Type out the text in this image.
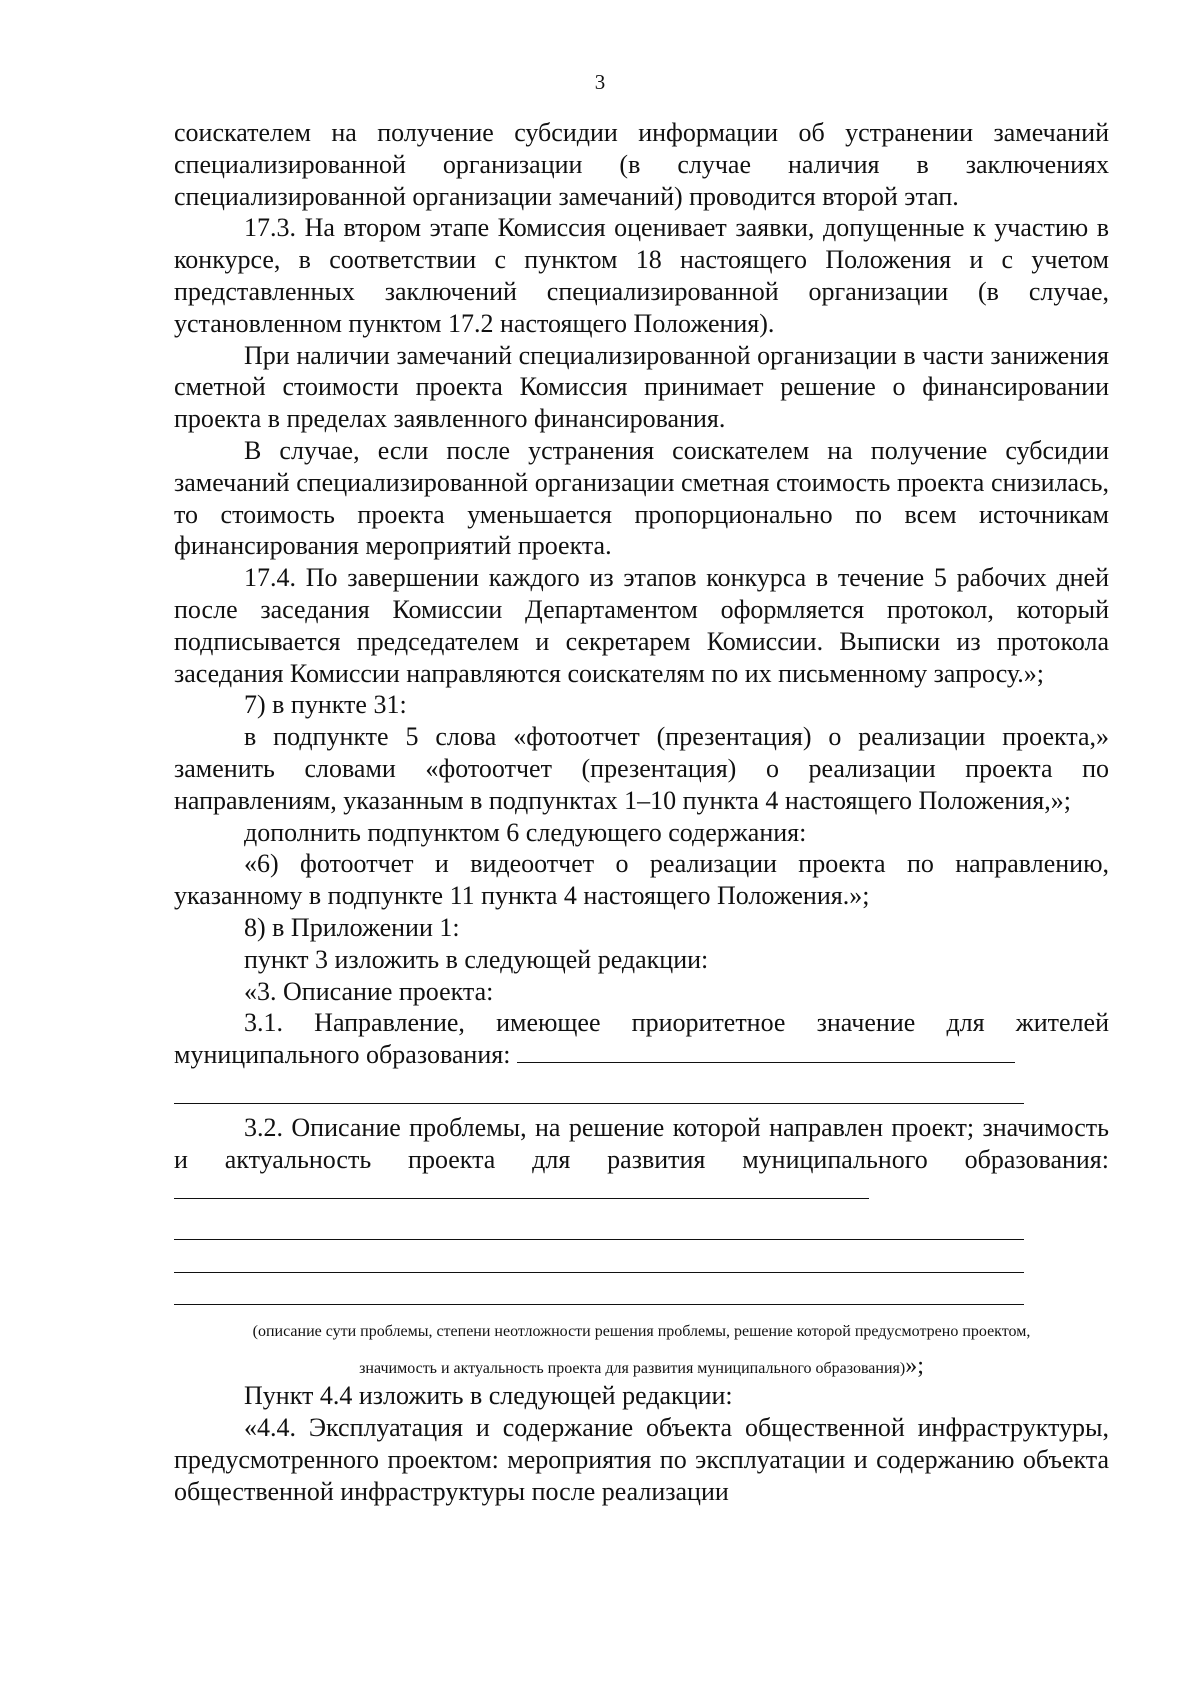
3

соискателем на получение субсидии информации об устранении замечаний специализированной организации (в случае наличия в заключениях специализированной организации замечаний) проводится второй этап.

17.3. На втором этапе Комиссия оценивает заявки, допущенные к участию в конкурсе, в соответствии с пунктом 18 настоящего Положения и с учетом представленных заключений специализированной организации (в случае, установленном пунктом 17.2 настоящего Положения).

При наличии замечаний специализированной организации в части занижения сметной стоимости проекта Комиссия принимает решение о финансировании проекта в пределах заявленного финансирования.

В случае, если после устранения соискателем на получение субсидии замечаний специализированной организации сметная стоимость проекта снизилась, то стоимость проекта уменьшается пропорционально по всем источникам финансирования мероприятий проекта.

17.4. По завершении каждого из этапов конкурса в течение 5 рабочих дней после заседания Комиссии Департаментом оформляется протокол, который подписывается председателем и секретарем Комиссии. Выписки из протокола заседания Комиссии направляются соискателям по их письменному запросу.»;

7) в пункте 31:

в подпункте 5 слова «фотоотчет (презентация) о реализации проекта,» заменить словами «фотоотчет (презентация) о реализации проекта по направлениям, указанным в подпунктах 1–10 пункта 4 настоящего Положения,»;

дополнить подпунктом 6 следующего содержания:

«6) фотоотчет и видеоотчет о реализации проекта по направлению, указанному в подпункте 11 пункта 4 настоящего Положения.»;

8) в Приложении 1:

пункт 3 изложить в следующей редакции:

«3. Описание проекта:

3.1. Направление, имеющее приоритетное значение для жителей муниципального образования:

3.2. Описание проблемы, на решение которой направлен проект; значимость и актуальность проекта для развития муниципального образования:

(описание сути проблемы, степени неотложности решения проблемы, решение которой предусмотрено проектом,

значимость и актуальность проекта для развития муниципального образования)»;

Пункт 4.4 изложить в следующей редакции:

«4.4. Эксплуатация и содержание объекта общественной инфраструктуры, предусмотренного проектом: мероприятия по эксплуатации и содержанию объекта общественной инфраструктуры после реализации
